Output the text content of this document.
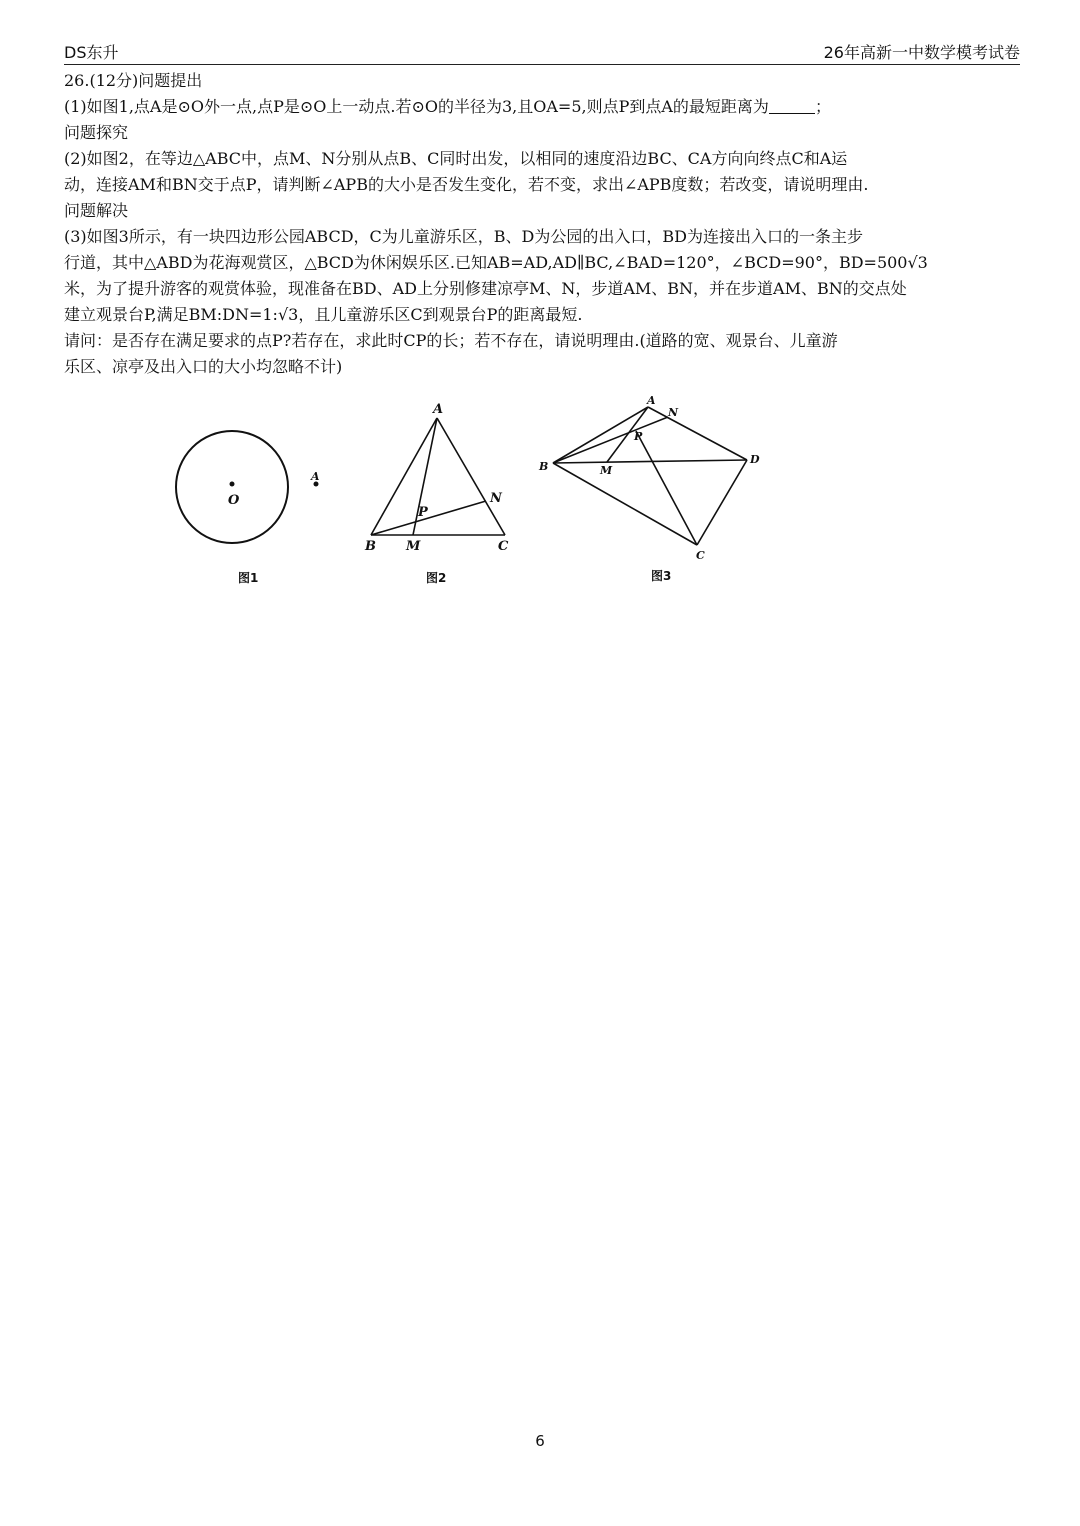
DS东升	26年高新一中数学模考试卷

26.(12分)问题提出

(1)如图1,点A是⊙O外一点,点P是⊙O上一动点.若⊙O的半径为3,且OA=5,则点P到点A的最短距离为	；

问题探究

(2)如图2，在等边△ABC中，点M、N分别从点B、C同时出发，以相同的速度沿边BC、CA方向向终点C和A运

动，连接AM和BN交于点P，请判断∠APB的大小是否发生变化，若不变，求出∠APB度数；若改变，请说明理由.

问题解决

(3)如图3所示，有一块四边形公园ABCD，C为儿童游乐区，B、D为公园的出入口，BD为连接出入口的一条主步

行道，其中△ABD为花海观赏区，△BCD为休闲娱乐区.已知AB=AD,AD∥BC,∠BAD=120°，∠BCD=90°，BD=500√3

米，为了提升游客的观赏体验，现准备在BD、AD上分别修建凉亭M、N，步道AM、BN，并在步道AM、BN的交点处

建立观景台P,满足BM:DN=1:√3，且儿童游乐区C到观景台P的距离最短.

请问：是否存在满足要求的点P?若存在，求此时CP的长；若不存在，请说明理由.(道路的宽、观景台、儿童游

乐区、凉亭及出入口的大小均忽略不计)

O
A
图1
A
B M	C
N
P
图2
A
N
P
B	M
D
C
图3
6
